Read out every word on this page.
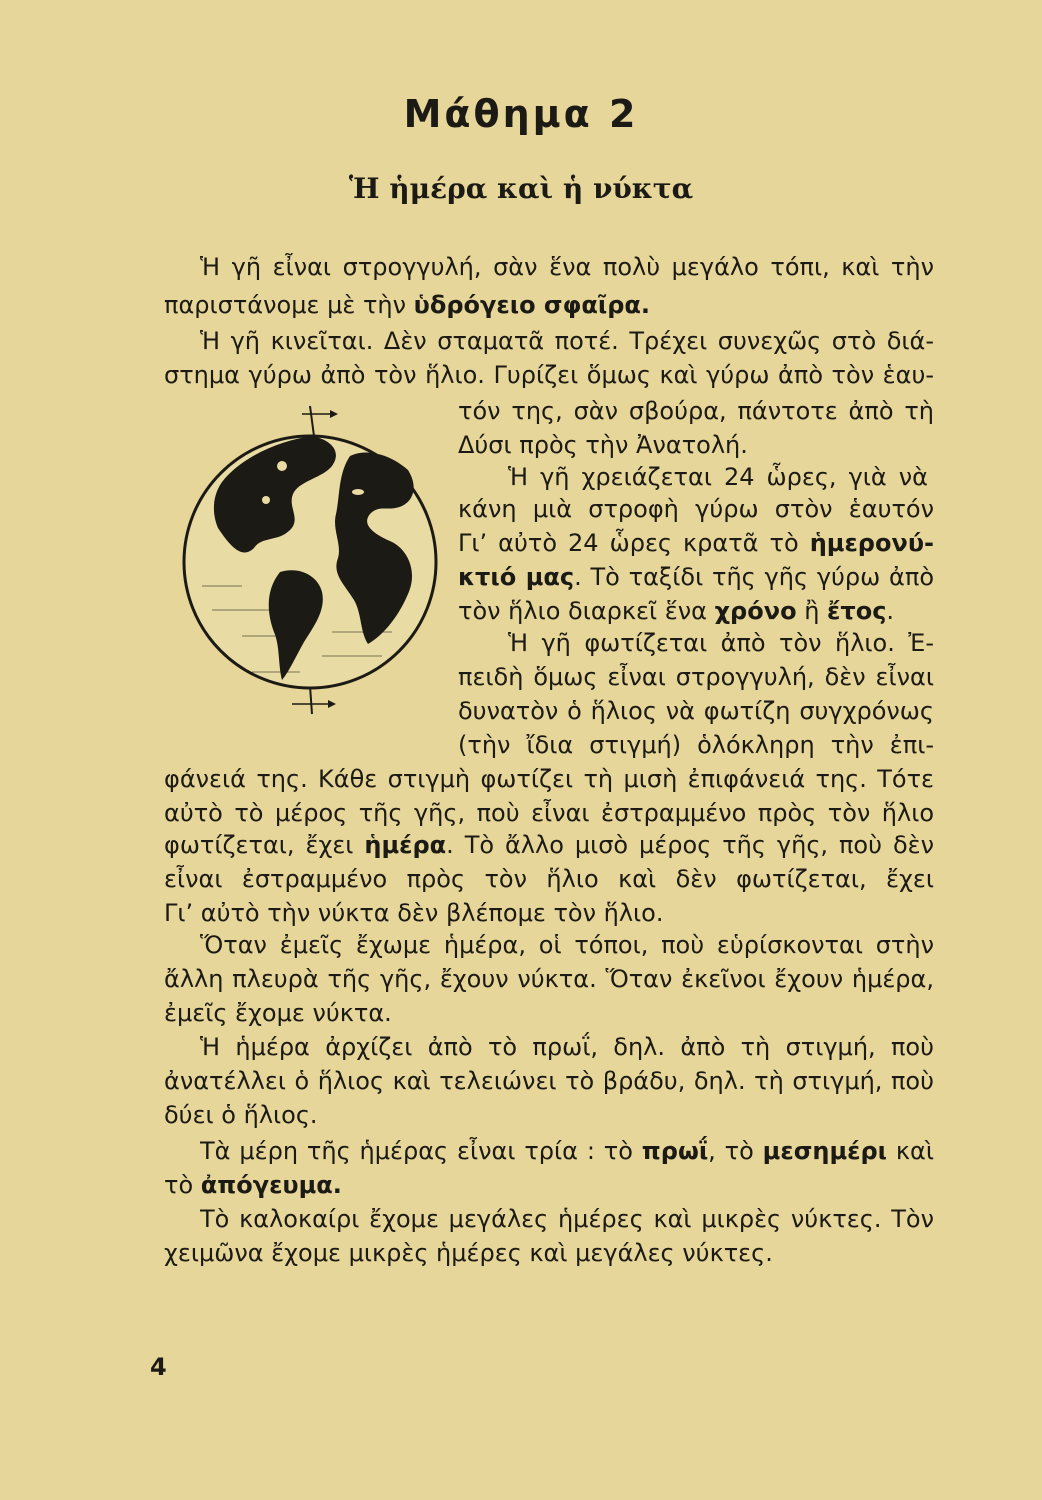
Μάθημα 2
Ἡ ἡμέρα καὶ ἡ νύκτα
Ἡ γῆ εἶναι στρογγυλή, σὰν ἕνα πολὺ μεγάλο τόπι, καὶ τὴν
παριστάνομε μὲ τὴν ὑδρόγειο σφαῖρα.
Ἡ γῆ κινεῖται. Δὲν σταματᾶ ποτέ. Τρέχει συνεχῶς στὸ διά-
στημα γύρω ἀπὸ τὸν ἥλιο. Γυρίζει ὅμως καὶ γύρω ἀπὸ τὸν ἑαυ-
τόν της, σὰν σβούρα, πάντοτε ἀπὸ τὴ
Δύσι πρὸς τὴν Ἀνατολή.
Ἡ γῆ χρειάζεται 24 ὧρες, γιὰ νὰ
κάνη μιὰ στροφὴ γύρω στὸν ἑαυτόν
Γι’ αὐτὸ 24 ὧρες κρατᾶ τὸ ἡμερονύ-
κτιό μας. Τὸ ταξίδι τῆς γῆς γύρω ἀπὸ
τὸν ἥλιο διαρκεῖ ἕνα χρόνο ἢ ἔτος.
Ἡ γῆ φωτίζεται ἀπὸ τὸν ἥλιο. Ἐ-
πειδὴ ὅμως εἶναι στρογγυλή, δὲν εἶναι
δυνατὸν ὁ ἥλιος νὰ φωτίζη συγχρόνως
(τὴν ἴδια στιγμή) ὁλόκληρη τὴν ἐπι-
φάνειά της. Κάθε στιγμὴ φωτίζει τὴ μισὴ ἐπιφάνειά της. Τότε
αὐτὸ τὸ μέρος τῆς γῆς, ποὺ εἶναι ἐστραμμένο πρὸς τὸν ἥλιο
φωτίζεται, ἔχει ἡμέρα. Τὸ ἄλλο μισὸ μέρος τῆς γῆς, ποὺ δὲν
εἶναι ἐστραμμένο πρὸς τὸν ἥλιο καὶ δὲν φωτίζεται, ἔχει
Γι’ αὐτὸ τὴν νύκτα δὲν βλέπομε τὸν ἥλιο.
Ὅταν ἐμεῖς ἔχωμε ἡμέρα, οἱ τόποι, ποὺ εὑρίσκονται στὴν
ἄλλη πλευρὰ τῆς γῆς, ἔχουν νύκτα. Ὅταν ἐκεῖνοι ἔχουν ἡμέρα,
ἐμεῖς ἔχομε νύκτα.
Ἡ ἡμέρα ἀρχίζει ἀπὸ τὸ πρωΐ, δηλ. ἀπὸ τὴ στιγμή, ποὺ
ἀνατέλλει ὁ ἥλιος καὶ τελειώνει τὸ βράδυ, δηλ. τὴ στιγμή, ποὺ
δύει ὁ ἥλιος.
Τὰ μέρη τῆς ἡμέρας εἶναι τρία : τὸ πρωΐ, τὸ μεσημέρι καὶ
τὸ ἀπόγευμα.
Τὸ καλοκαίρι ἔχομε μεγάλες ἡμέρες καὶ μικρὲς νύκτες. Τὸν
χειμῶνα ἔχομε μικρὲς ἡμέρες καὶ μεγάλες νύκτες.
4
